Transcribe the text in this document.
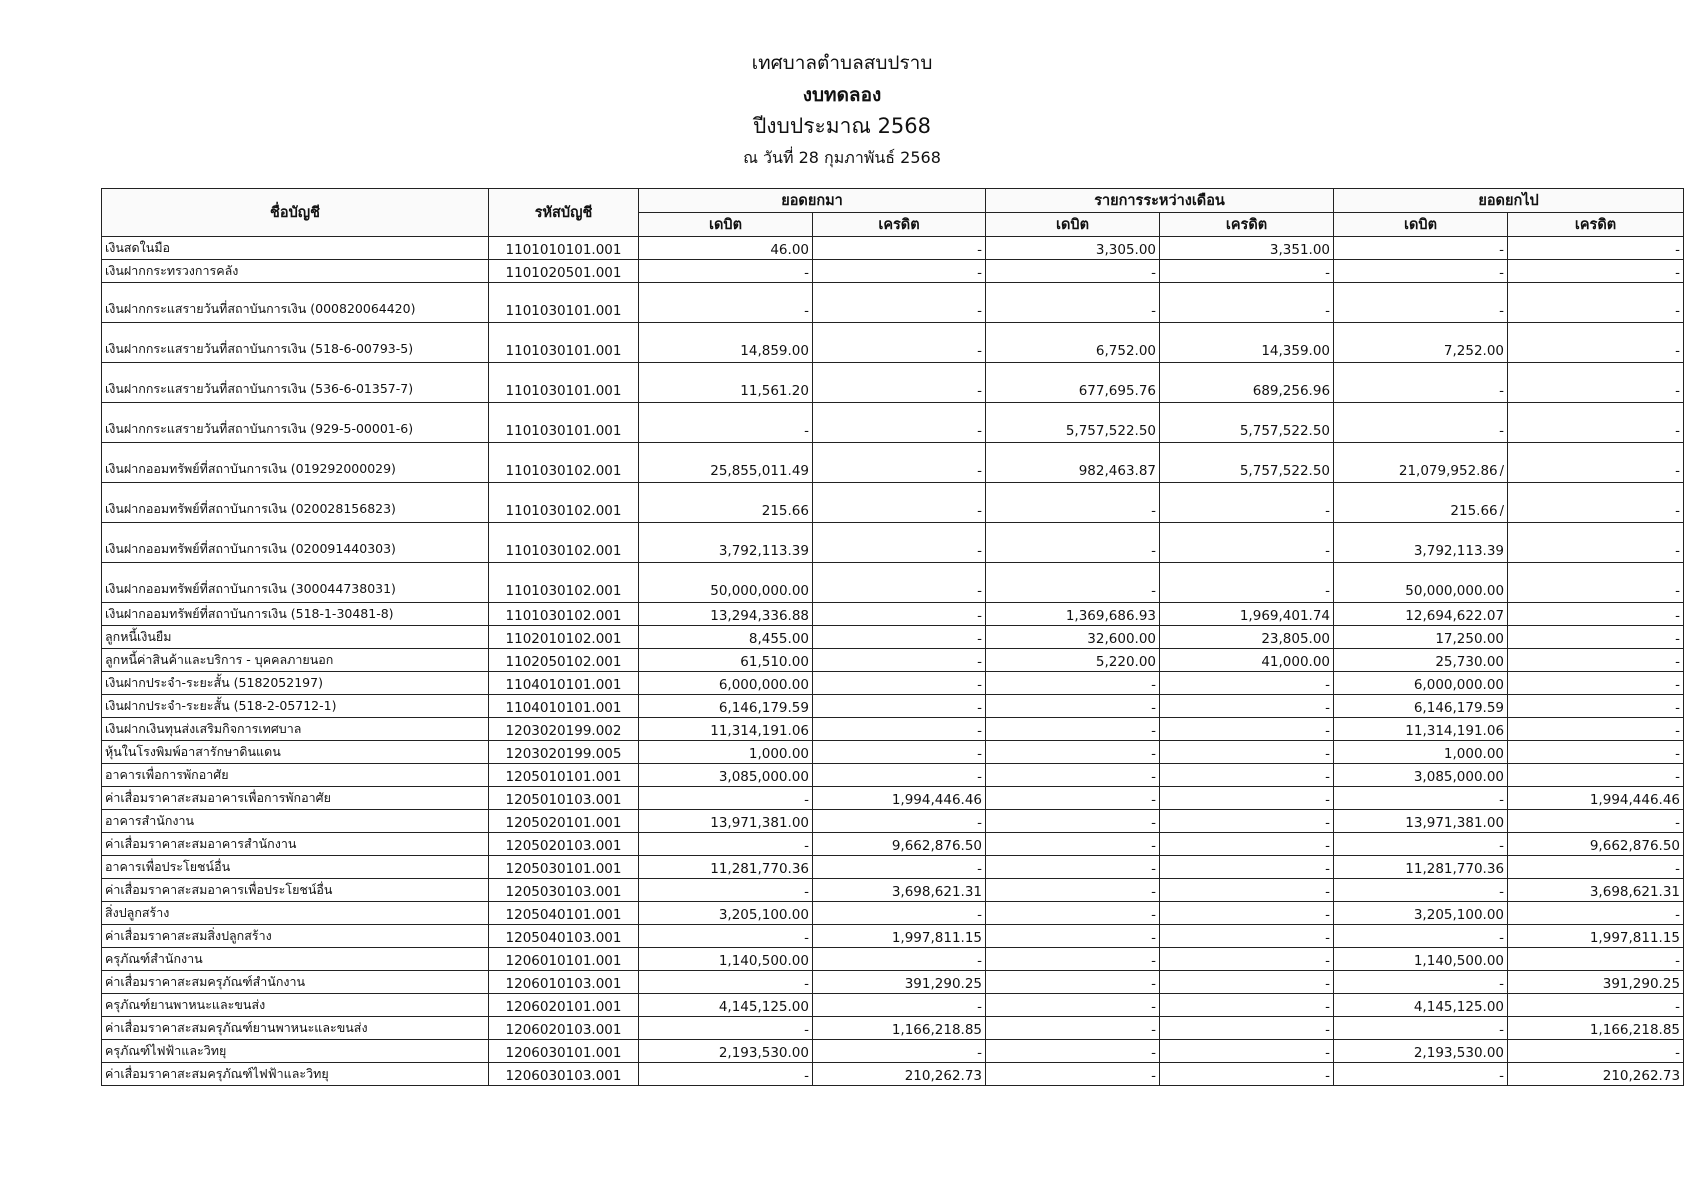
เทศบาลตำบลสบปราบ
งบทดลอง
ปีงบประมาณ 2568
ณ วันที่ 28 กุมภาพันธ์ 2568
ชื่อบัญชี	รหัสบัญชี	ยอดยกมา		รายการระหว่างเดือน		ยอดยกไป	
		เดบิต	เครดิต	เดบิต	เครดิต	เดบิต	เครดิต
เงินสดในมือ	1101010101.001	46.00	-	3,305.00	3,351.00	-	-
เงินฝากกระทรวงการคลัง	1101020501.001	-	-	-	-	-	-
เงินฝากกระแสรายวันที่สถาบันการเงิน (000820064420)	1101030101.001	-	-	-	-	-	-
เงินฝากกระแสรายวันที่สถาบันการเงิน (518-6-00793-5)	1101030101.001	14,859.00	-	6,752.00	14,359.00	7,252.00	-
เงินฝากกระแสรายวันที่สถาบันการเงิน (536-6-01357-7)	1101030101.001	11,561.20	-	677,695.76	689,256.96	-	-
เงินฝากกระแสรายวันที่สถาบันการเงิน (929-5-00001-6)	1101030101.001	-	-	5,757,522.50	5,757,522.50	-	-
เงินฝากออมทรัพย์ที่สถาบันการเงิน (019292000029)	1101030102.001	25,855,011.49	-	982,463.87	5,757,522.50	21,079,952.86 /	-
เงินฝากออมทรัพย์ที่สถาบันการเงิน (020028156823)	1101030102.001	215.66	-	-	-	215.66 /	-
เงินฝากออมทรัพย์ที่สถาบันการเงิน (020091440303)	1101030102.001	3,792,113.39	-	-	-	3,792,113.39	-
เงินฝากออมทรัพย์ที่สถาบันการเงิน (300044738031)	1101030102.001	50,000,000.00	-	-	-	50,000,000.00	-
เงินฝากออมทรัพย์ที่สถาบันการเงิน (518-1-30481-8)	1101030102.001	13,294,336.88	-	1,369,686.93	1,969,401.74	12,694,622.07	-
ลูกหนี้เงินยืม	1102010102.001	8,455.00	-	32,600.00	23,805.00	17,250.00	-
ลูกหนี้ค่าสินค้าและบริการ - บุคคลภายนอก	1102050102.001	61,510.00	-	5,220.00	41,000.00	25,730.00	-
เงินฝากประจำ-ระยะสั้น (5182052197)	1104010101.001	6,000,000.00	-	-	-	6,000,000.00	-
เงินฝากประจำ-ระยะสั้น (518-2-05712-1)	1104010101.001	6,146,179.59	-	-	-	6,146,179.59	-
เงินฝากเงินทุนส่งเสริมกิจการเทศบาล	1203020199.002	11,314,191.06	-	-	-	11,314,191.06	-
หุ้นในโรงพิมพ์อาสารักษาดินแดน	1203020199.005	1,000.00	-	-	-	1,000.00	-
อาคารเพื่อการพักอาศัย	1205010101.001	3,085,000.00	-	-	-	3,085,000.00	-
ค่าเสื่อมราคาสะสมอาคารเพื่อการพักอาศัย	1205010103.001	-	1,994,446.46	-	-	-	1,994,446.46
อาคารสำนักงาน	1205020101.001	13,971,381.00	-	-	-	13,971,381.00	-
ค่าเสื่อมราคาสะสมอาคารสำนักงาน	1205020103.001	-	9,662,876.50	-	-	-	9,662,876.50
อาคารเพื่อประโยชน์อื่น	1205030101.001	11,281,770.36	-	-	-	11,281,770.36	-
ค่าเสื่อมราคาสะสมอาคารเพื่อประโยชน์อื่น	1205030103.001	-	3,698,621.31	-	-	-	3,698,621.31
สิ่งปลูกสร้าง	1205040101.001	3,205,100.00	-	-	-	3,205,100.00	-
ค่าเสื่อมราคาสะสมสิ่งปลูกสร้าง	1205040103.001	-	1,997,811.15	-	-	-	1,997,811.15
ครุภัณฑ์สำนักงาน	1206010101.001	1,140,500.00	-	-	-	1,140,500.00	-
ค่าเสื่อมราคาสะสมครุภัณฑ์สำนักงาน	1206010103.001	-	391,290.25	-	-	-	391,290.25
ครุภัณฑ์ยานพาหนะและขนส่ง	1206020101.001	4,145,125.00	-	-	-	4,145,125.00	-
ค่าเสื่อมราคาสะสมครุภัณฑ์ยานพาหนะและขนส่ง	1206020103.001	-	1,166,218.85	-	-	-	1,166,218.85
ครุภัณฑ์ไฟฟ้าและวิทยุ	1206030101.001	2,193,530.00	-	-	-	2,193,530.00	-
ค่าเสื่อมราคาสะสมครุภัณฑ์ไฟฟ้าและวิทยุ	1206030103.001	-	210,262.73	-	-	-	210,262.73
